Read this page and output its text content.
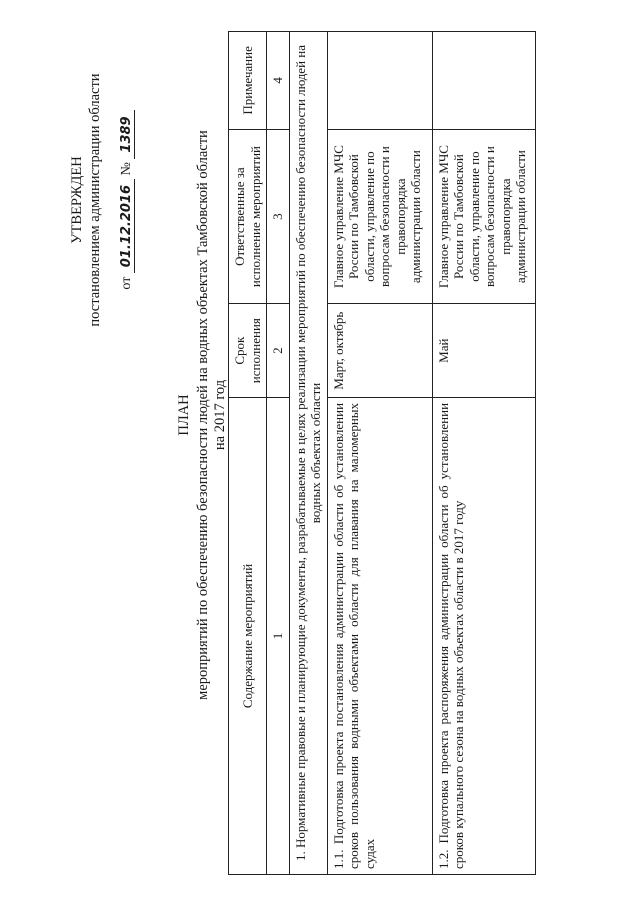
УТВЕРЖДЕН постановлением администрации области от 01.12.2016 № 1389
ПЛАН мероприятий по обеспечению безопасности людей на водных объектах Тамбовской области на 2017 год
Содержание мероприятий	Срок исполнения	Ответственные за исполнение мероприятий	Примечание
1	2	3	4
1. Нормативные правовые и планирующие документы, разрабатываемые в целях реализации мероприятий по обеспечению безопасности людей на водных объектах области			
1.1. Подготовка проекта постановления администрации области об установлении сроков пользования водными объектами области для плавания на маломерных судах	Март, октябрь	Главное управление МЧС России по Тамбовской области, управление по вопросам безопасности и правопорядка администрации области	
1.2. Подготовка проекта распоряжения администрации области об установлении сроков купального сезона на водных объектах области в 2017 году	Май	Главное управление МЧС России по Тамбовской области, управление по вопросам безопасности и правопорядка администрации области	
